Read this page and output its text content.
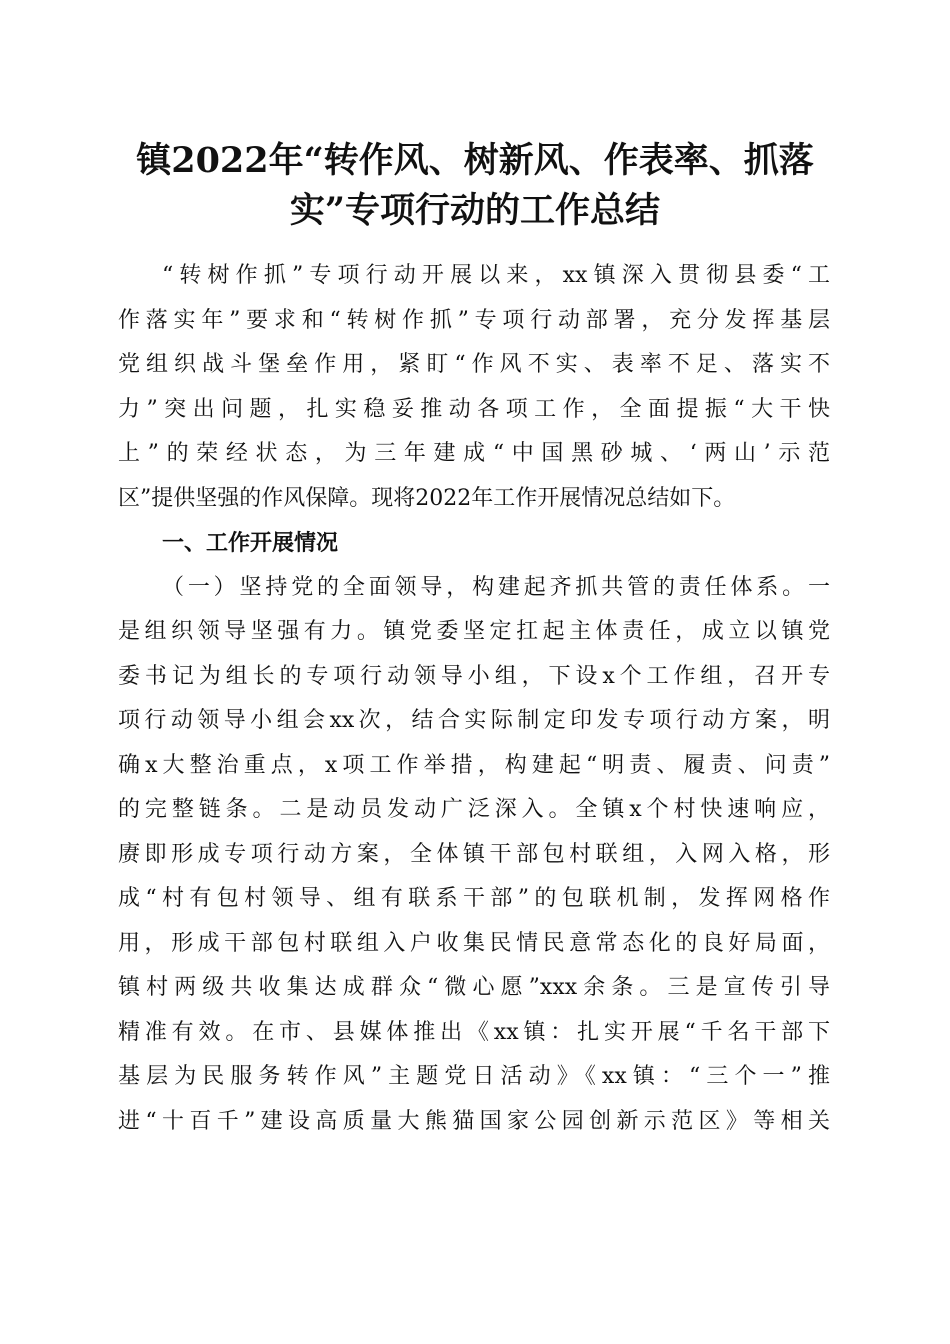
镇2022年“转作风、树新风、作表率、抓落
实”专项行动的工作总结
“转树作抓”专项行动开展以来，xx镇深入贯彻县委“工
作落实年”要求和“转树作抓”专项行动部署，充分发挥基层
党组织战斗堡垒作用，紧盯“作风不实、表率不足、落实不
力”突出问题，扎实稳妥推动各项工作，全面提振“大干快
上”的荣经状态，为三年建成“中国黑砂城、‘两山’示范
区”提供坚强的作风保障。现将2022年工作开展情况总结如下。
一、工作开展情况
（一）坚持党的全面领导，构建起齐抓共管的责任体系。一
是组织领导坚强有力。镇党委坚定扛起主体责任，成立以镇党
委书记为组长的专项行动领导小组，下设x个工作组，召开专
项行动领导小组会xx次，结合实际制定印发专项行动方案，明
确x大整治重点，x项工作举措，构建起“明责、履责、问责”
的完整链条。二是动员发动广泛深入。全镇x个村快速响应，
赓即形成专项行动方案，全体镇干部包村联组，入网入格，形
成“村有包村领导、组有联系干部”的包联机制，发挥网格作
用，形成干部包村联组入户收集民情民意常态化的良好局面，
镇村两级共收集达成群众“微心愿”xxx余条。三是宣传引导
精准有效。在市、县媒体推出《xx镇：扎实开展“千名干部下
基层为民服务转作风”主题党日活动》《xx镇：“三个一”推
进“十百千”建设高质量大熊猫国家公园创新示范区》等相关
